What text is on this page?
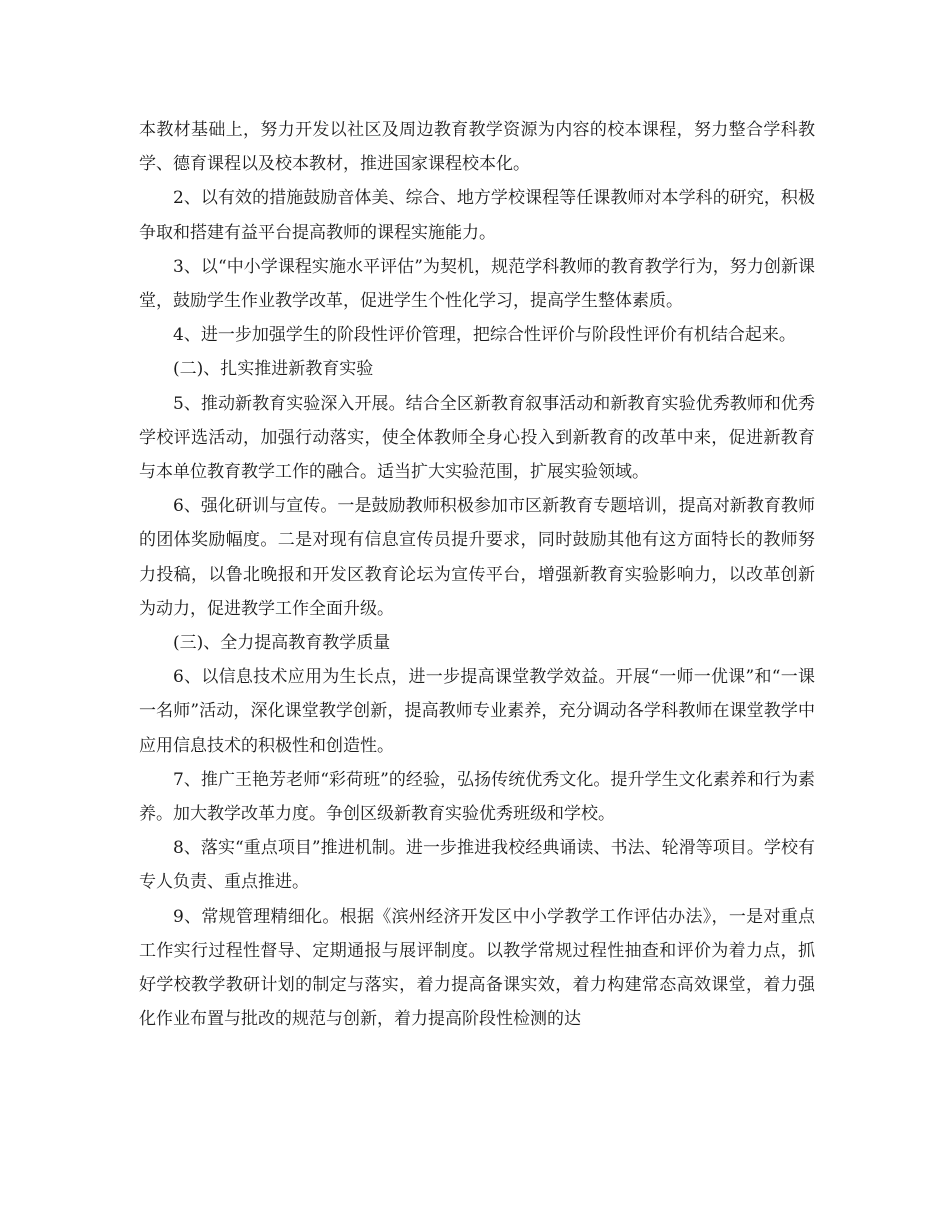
本教材基础上，努力开发以社区及周边教育教学资源为内容的校本课程，努力整合学科教学、德育课程以及校本教材，推进国家课程校本化。

2、以有效的措施鼓励音体美、综合、地方学校课程等任课教师对本学科的研究，积极争取和搭建有益平台提高教师的课程实施能力。

3、以“中小学课程实施水平评估”为契机，规范学科教师的教育教学行为，努力创新课堂，鼓励学生作业教学改革，促进学生个性化学习，提高学生整体素质。

4、进一步加强学生的阶段性评价管理，把综合性评价与阶段性评价有机结合起来。

(二)、扎实推进新教育实验

5、推动新教育实验深入开展。结合全区新教育叙事活动和新教育实验优秀教师和优秀学校评选活动，加强行动落实，使全体教师全身心投入到新教育的改革中来，促进新教育与本单位教育教学工作的融合。适当扩大实验范围，扩展实验领域。

6、强化研训与宣传。一是鼓励教师积极参加市区新教育专题培训，提高对新教育教师的团体奖励幅度。二是对现有信息宣传员提升要求，同时鼓励其他有这方面特长的教师努力投稿，以鲁北晚报和开发区教育论坛为宣传平台，增强新教育实验影响力，以改革创新为动力，促进教学工作全面升级。

(三)、全力提高教育教学质量

6、以信息技术应用为生长点，进一步提高课堂教学效益。开展“一师一优课”和“一课一名师”活动，深化课堂教学创新，提高教师专业素养，充分调动各学科教师在课堂教学中应用信息技术的积极性和创造性。

7、推广王艳芳老师“彩荷班”的经验，弘扬传统优秀文化。提升学生文化素养和行为素养。加大教学改革力度。争创区级新教育实验优秀班级和学校。

8、落实“重点项目”推进机制。进一步推进我校经典诵读、书法、轮滑等项目。学校有专人负责、重点推进。

9、常规管理精细化。根据《滨州经济开发区中小学教学工作评估办法》，一是对重点工作实行过程性督导、定期通报与展评制度。以教学常规过程性抽查和评价为着力点，抓好学校教学教研计划的制定与落实，着力提高备课实效，着力构建常态高效课堂，着力强化作业布置与批改的规范与创新，着力提高阶段性检测的达
